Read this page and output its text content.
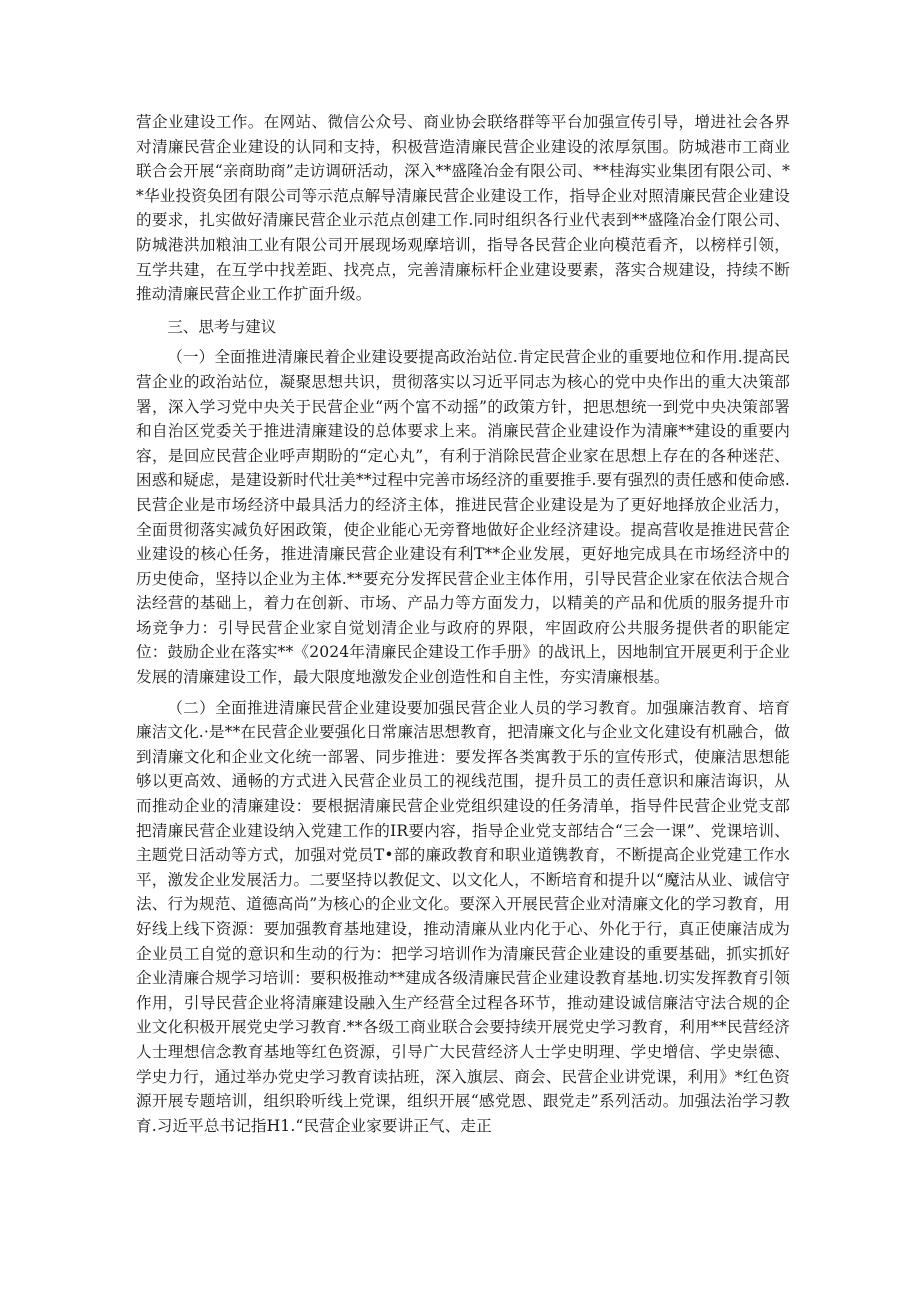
营企业建设工作。在网站、微信公众号、商业协会联络群等平台加强宣传引导，增进社会各界对清廉民营企业建设的认同和支持，积极营造清廉民营企业建设的浓厚氛围。防城港市工商业联合会开展“亲商助商”走访调研活动，深入**盛隆冶金有限公司、**桂海实业集团有限公司、**华业投资奂团有限公司等示范点解导清廉民营企业建设工作，指导企业对照清廉民营企业建设的要求，扎实做好清廉民营企业示范点创建工作.同时组织各行业代表到**盛隆冶金仃限公司、防城港洪加粮油工业有限公司开展现场观摩培训，指导各民营企业向模范看齐，以榜样引领，互学共建，在互学中找差距、找亮点，完善清廉标杆企业建设要素，落实合规建设，持续不断推动清廉民营企业工作扩面升级。

三、思考与建议

（一）全面推进清廉民着企业建设要提高政治站位.肯定民营企业的重要地位和作用.提高民营企业的政治站位，凝聚思想共识，贯彻落实以习近平同志为核心的党中央作出的重大决策部署，深入学习党中央关于民营企业“两个富不动摇”的政策方针，把思想统一到党中央决策部署和自治区党委关于推进清廉建设的总体要求上来。消廉民营企业建设作为清廉**建设的重要内容，是回应民营企业呼声期盼的“定心丸”，有利于消除民营企业家在思想上存在的各种迷茫、困惑和疑虑，是建设新时代壮美**过程中完善市场经济的重要推手.要有强烈的责任感和使命感.民营企业是市场经济中最具活力的经济主体，推进民营企业建设是为了更好地择放企业活力，全面贯彻落实减负好困政策，使企业能心无旁瞀地做好企业经济建设。提高营收是推进民营企业建设的核心任务，推进清廉民营企业建设有利T**企业发展，更好地完成具在市场经济中的历史使命，坚持以企业为主体.**要充分发挥民营企业主体作用，引导民营企业家在依法合规合法经营的基础上，着力在创新、市场、产品力等方面发力，以精美的产品和优质的服务提升市场竞争力：引导民营企业家自觉划清企业与政府的界限，牢固政府公共服务提供者的职能定位：鼓励企业在落实**《2024年清廉民企建设工作手册》的战讯上，因地制宜开展更利于企业发展的清廉建设工作，最大限度地激发企业创造性和自主性，夯实清廉根基。

（二）全面推进清廉民营企业建设要加强民营企业人员的学习教育。加强廉洁教育、培育廉洁文化.·是**在民营企业要强化日常廉洁思想教育，把清廉文化与企业文化建设有机融合，做到清廉文化和企业文化统一部署、同步推进：要发挥各类寓教于乐的宣传形式，使廉洁思想能够以更高效、通畅的方式进入民营企业员工的视线范围，提升员工的责任意识和廉洁诲识，从而推动企业的清廉建设：要根据清廉民营企业党组织建设的任务清单，指导件民营企业党支部把清廉民营企业建设纳入党建工作的IR要内容，指导企业党支部结合“三会一课”、党课培训、主题党日活动等方式，加强对党员T•部的廉政教育和职业道镌教育，不断提高企业党建工作水平，激发企业发展活力。二要坚持以教促文、以文化人，不断培育和提升以“魔沽从业、诚信守法、行为规范、道德高尚”为核心的企业文化。要深入开展民营企业对清廉文化的学习教育，用好线上线下资源：要加强教育基地建设，推动清廉从业内化于心、外化于行，真正使廉洁成为企业员工自觉的意识和生动的行为：把学习培训作为清廉民营企业建设的重要基础，抓实抓好企业清廉合规学习培训：要积极推动**建成各级清廉民营企业建设教育基地.切实发挥教育引领作用，引导民营企业将清廉建设融入生产经营全过程各环节，推动建设诚信廉洁守法合规的企业文化积极开展党史学习教育.**各级工商业联合会要持续开展党史学习教育，利用**民营经济人士理想信念教育基地等红色资源，引导广大民营经济人士学史明理、学史增信、学史崇德、学史力行，通过举办党史学习教育读拈班，深入旗层、商会、民营企业讲党课，利用》*红色资源开展专题培训，组织聆听线上党课，组织开展“感党恩、跟党走”系列活动。加强法治学习教育.习近平总书记指H1.“民营企业家要讲正气、走正
